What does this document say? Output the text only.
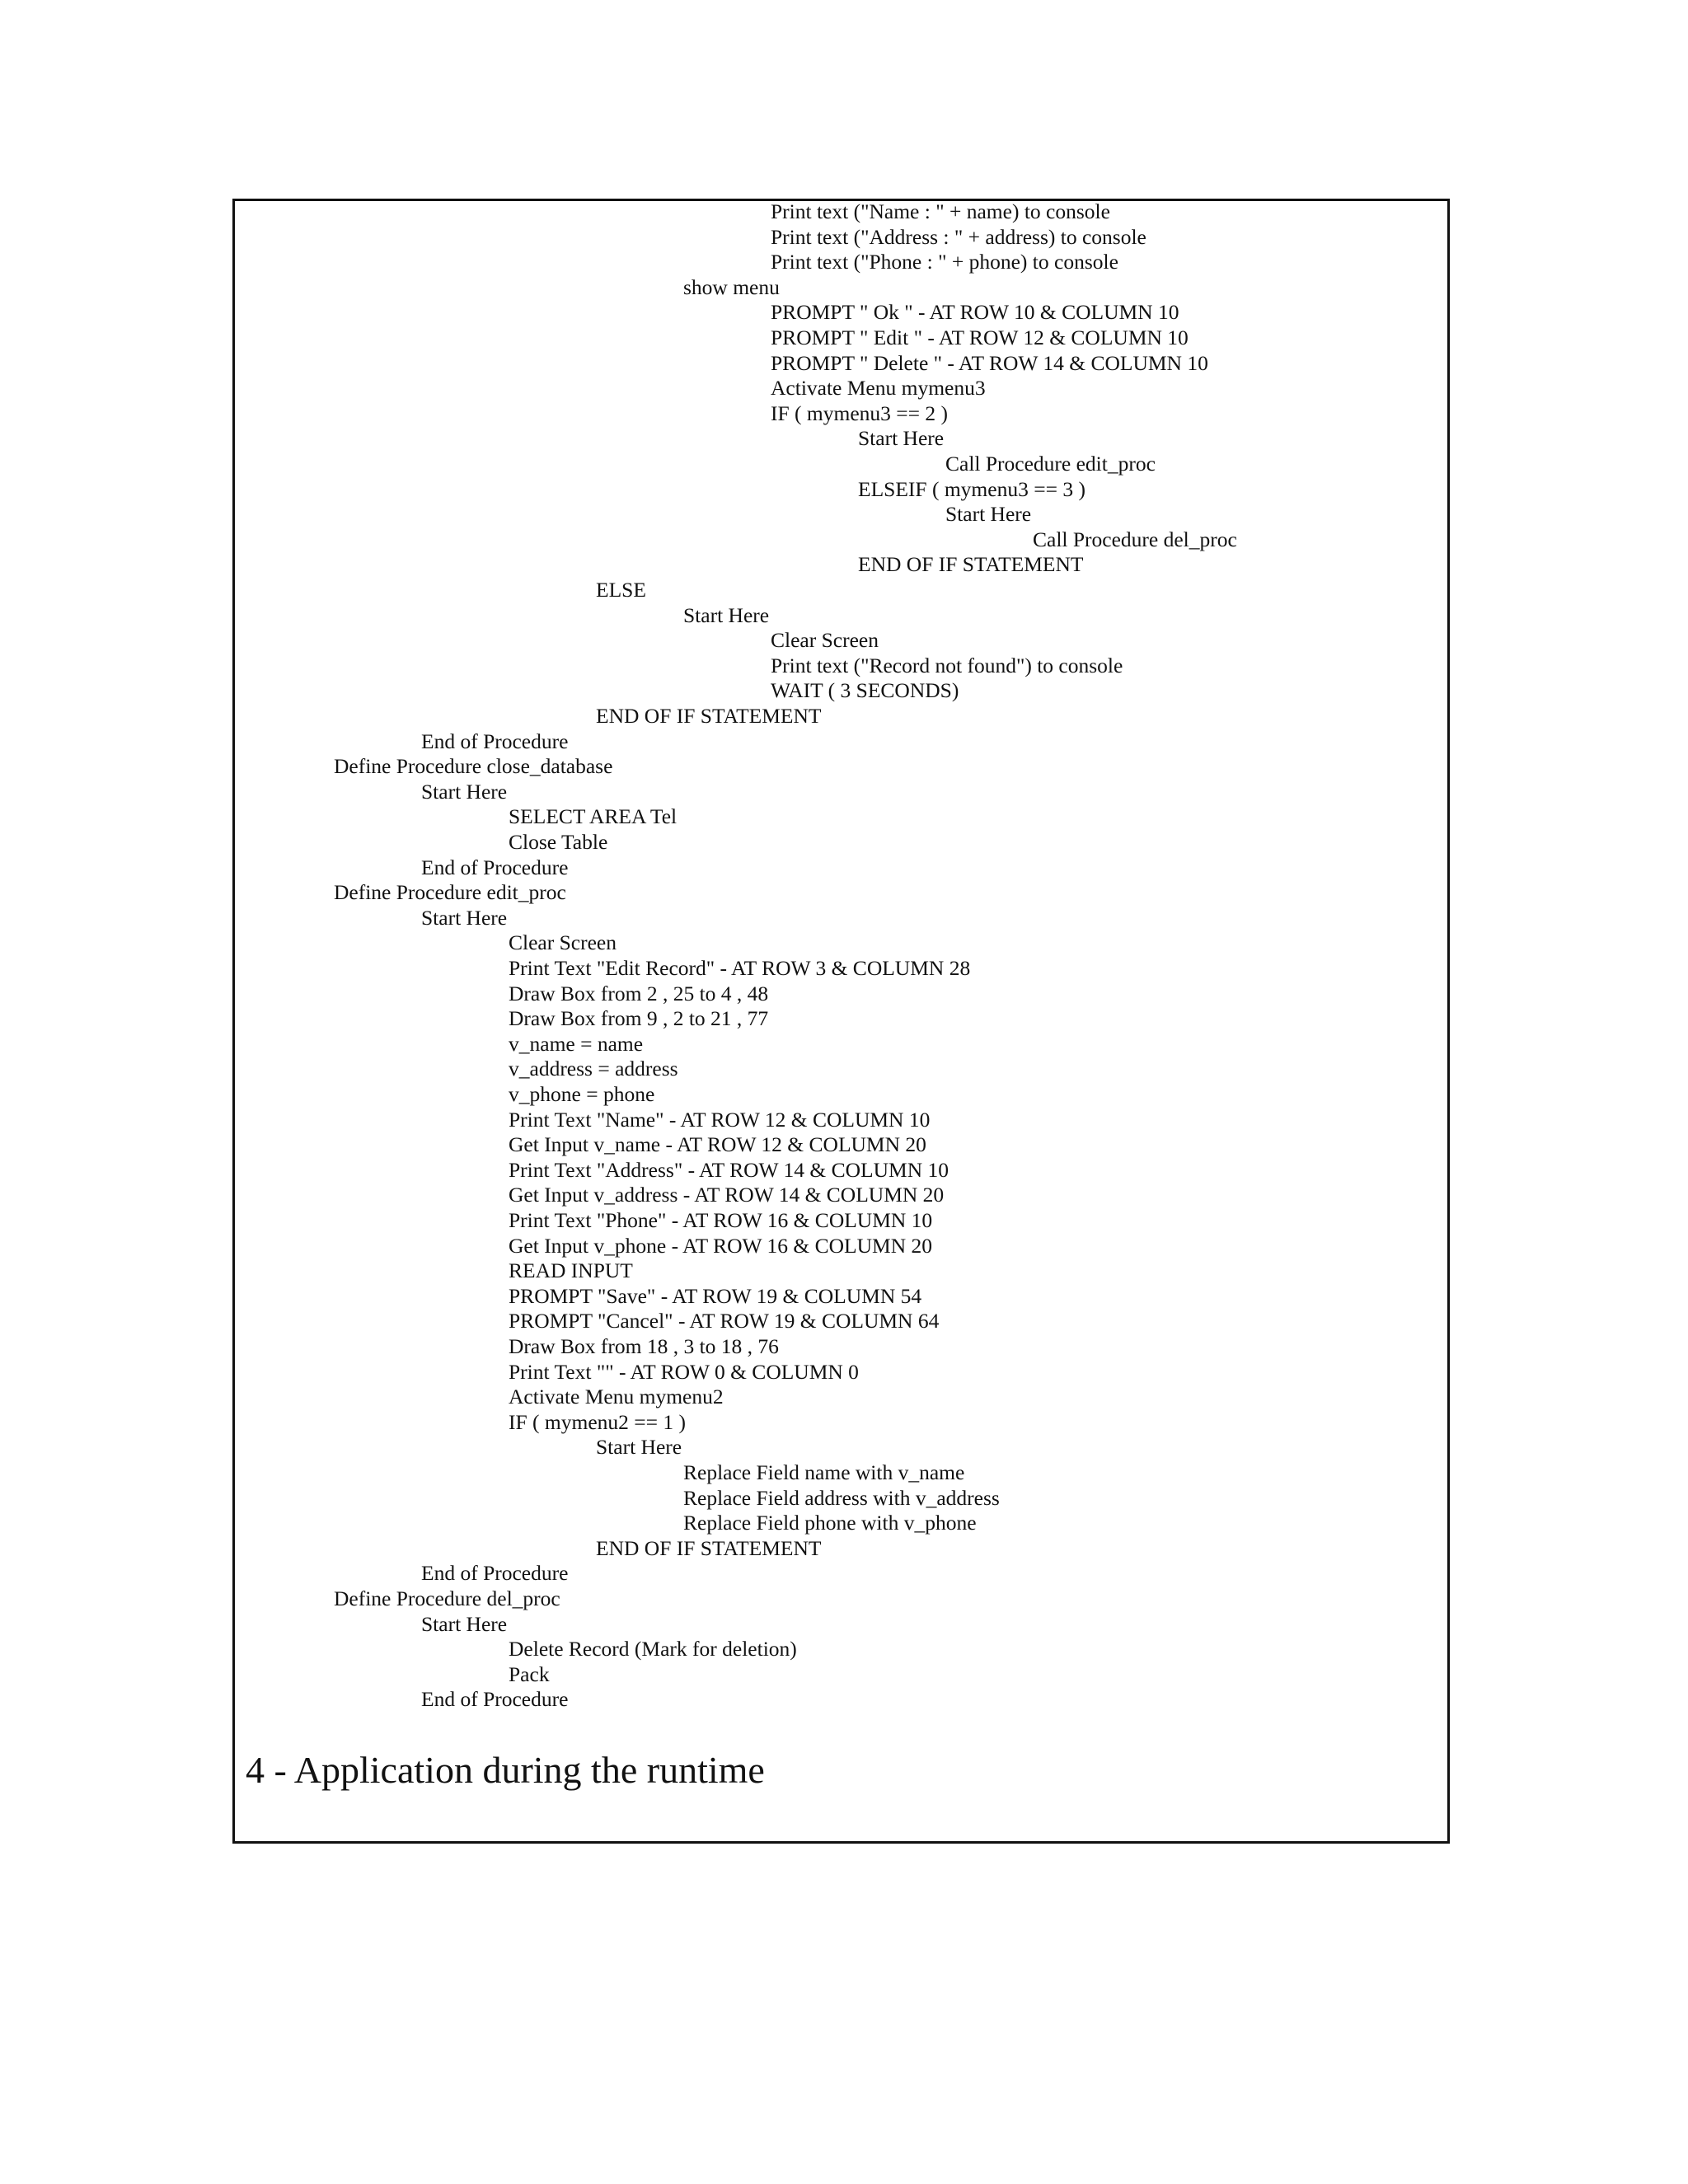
Print text ("Name : " + name) to console
Print text ("Address : " + address) to console
Print text ("Phone : " + phone) to console
show menu
PROMPT " Ok " - AT ROW 10 & COLUMN 10
PROMPT " Edit " - AT ROW 12 & COLUMN 10
PROMPT " Delete " - AT ROW 14 & COLUMN 10
Activate Menu mymenu3
IF ( mymenu3 == 2 )
Start Here
Call Procedure edit_proc
ELSEIF ( mymenu3 == 3 )
Start Here
Call Procedure del_proc
END OF IF STATEMENT
ELSE
Start Here
Clear Screen
Print text ("Record not found") to console
WAIT ( 3 SECONDS)
END OF IF STATEMENT
End of Procedure
Define Procedure close_database
Start Here
SELECT AREA Tel
Close Table
End of Procedure
Define Procedure edit_proc
Start Here
Clear Screen
Print Text "Edit Record" - AT ROW 3 & COLUMN 28
Draw Box from 2 , 25 to 4 , 48
Draw Box from 9 , 2 to 21 , 77
v_name = name
v_address = address
v_phone = phone
Print Text "Name" - AT ROW 12 & COLUMN 10
Get Input v_name - AT ROW 12 & COLUMN 20
Print Text "Address" - AT ROW 14 & COLUMN 10
Get Input v_address - AT ROW 14 & COLUMN 20
Print Text "Phone" - AT ROW 16 & COLUMN 10
Get Input v_phone - AT ROW 16 & COLUMN 20
READ INPUT
PROMPT "Save" - AT ROW 19 & COLUMN 54
PROMPT "Cancel" - AT ROW 19 & COLUMN 64
Draw Box from 18 , 3 to 18 , 76
Print Text "" - AT ROW 0 & COLUMN 0
Activate Menu mymenu2
IF ( mymenu2 == 1 )
Start Here
Replace Field name with v_name
Replace Field address with v_address
Replace Field phone with v_phone
END OF IF STATEMENT
End of Procedure
Define Procedure del_proc
Start Here
Delete Record (Mark for deletion)
Pack
End of Procedure
4 - Application during the runtime
